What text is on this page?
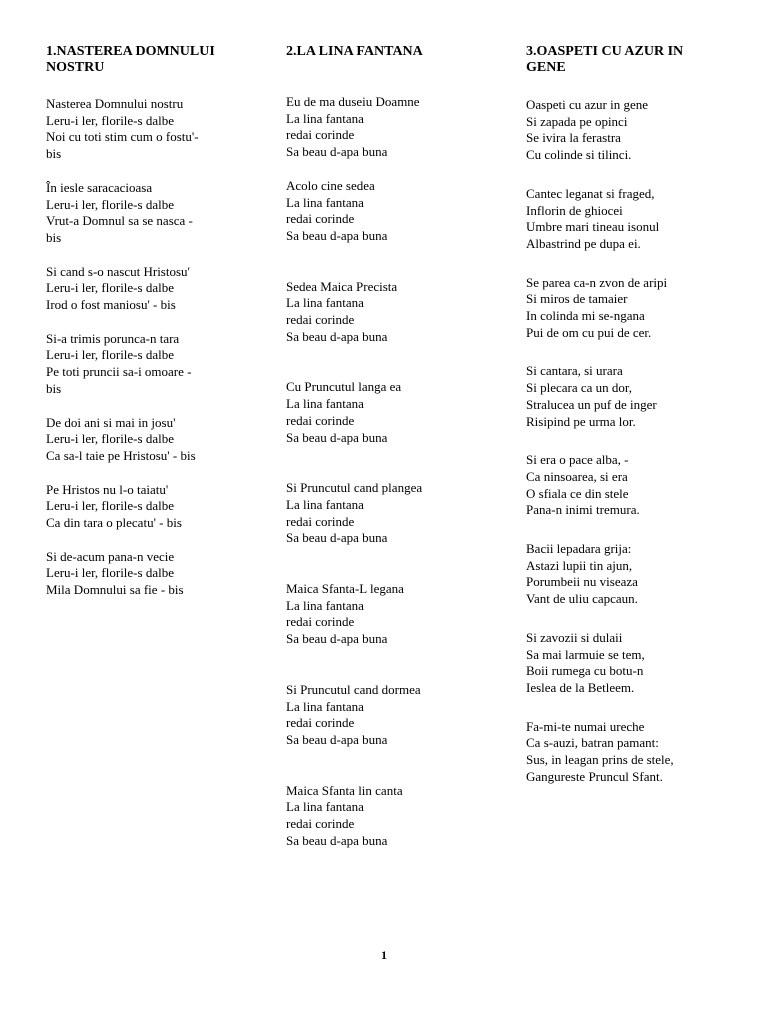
1.NASTEREA DOMNULUI NOSTRU

Nasterea Domnului nostru
Leru-i ler, florile-s dalbe
Noi cu toti stim cum o fostu'-
bis

În iesle saracacioasa
Leru-i ler, florile-s dalbe
Vrut-a Domnul sa se nasca -
bis

Si cand s-o nascut Hristosu'
Leru-i ler, florile-s dalbe
Irod o fost maniosu' - bis

Si-a trimis porunca-n tara
Leru-i ler, florile-s dalbe
Pe toti pruncii sa-i omoare -
bis

De doi ani si mai in josu'
Leru-i ler, florile-s dalbe
Ca sa-l taie pe Hristosu' - bis

Pe Hristos nu l-o taiatu'
Leru-i ler, florile-s dalbe
Ca din tara o plecatu' - bis

Si de-acum pana-n vecie
Leru-i ler, florile-s dalbe
Mila Domnului sa fie - bis

2.LA LINA FANTANA

Eu de ma duseiu Doamne
La lina fantana
redai corinde
Sa beau d-apa buna

Acolo cine sedea
La lina fantana
redai corinde
Sa beau d-apa buna

Sedea Maica Precista
La lina fantana
redai corinde
Sa beau d-apa buna

Cu Pruncutul langa ea
La lina fantana
redai corinde
Sa beau d-apa buna

Si Pruncutul cand plangea
La lina fantana
redai corinde
Sa beau d-apa buna

Maica Sfanta-L legana
La lina fantana
redai corinde
Sa beau d-apa buna

Si Pruncutul cand dormea
La lina fantana
redai corinde
Sa beau d-apa buna

Maica Sfanta lin canta
La lina fantana
redai corinde
Sa beau d-apa buna

3.OASPETI CU AZUR IN GENE

Oaspeti cu azur in gene
Si zapada pe opinci
Se ivira la ferastra
Cu colinde si tilinci.

Cantec leganat si fraged,
Inflorin de ghiocei
Umbre mari tineau isonul
Albastrind pe dupa ei.

Se parea ca-n zvon de aripi
Si miros de tamaier
In colinda mi se-ngana
Pui de om cu pui de cer.

Si cantara, si urara
Si plecara ca un dor,
Stralucea un puf de inger
Risipind pe urma lor.

Si era o pace alba, -
Ca ninsoarea, si era
O sfiala ce din stele
Pana-n inimi tremura.

Bacii lepadara grija:
Astazi lupii tin ajun,
Porumbeii nu viseaza
Vant de uliu capcaun.

Si zavozii si dulaii
Sa mai larmuie se tem,
Boii rumega cu botu-n
Ieslea de la Betleem.

Fa-mi-te numai ureche
Ca s-auzi, batran pamant:
Sus, in leagan prins de stele,
Gangureste Pruncul Sfant.

1
